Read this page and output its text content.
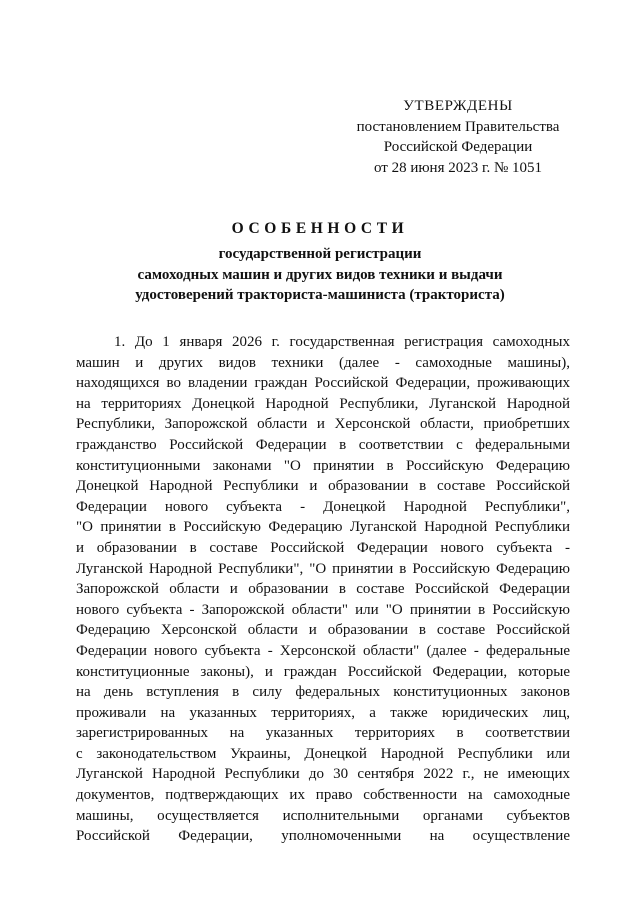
УТВЕРЖДЕНЫ
постановлением Правительства
Российской Федерации
от 28 июня 2023 г. № 1051
ОСОБЕННОСТИ
государственной регистрации
самоходных машин и других видов техники и выдачи
удостоверений тракториста-машиниста (тракториста)
1. До 1 января 2026 г. государственная регистрация самоходных
машин и других видов техники (далее - самоходные машины),
находящихся во владении граждан Российской Федерации, проживающих
на территориях Донецкой Народной Республики, Луганской Народной
Республики, Запорожской области и Херсонской области, приобретших
гражданство Российской Федерации в соответствии с федеральными
конституционными законами "О принятии в Российскую Федерацию
Донецкой Народной Республики и образовании в составе Российской
Федерации нового субъекта - Донецкой Народной Республики",
"О принятии в Российскую Федерацию Луганской Народной Республики
и образовании в составе Российской Федерации нового субъекта -
Луганской Народной Республики", "О принятии в Российскую Федерацию
Запорожской области и образовании в составе Российской Федерации
нового субъекта - Запорожской области" или "О принятии в Российскую
Федерацию Херсонской области и образовании в составе Российской
Федерации нового субъекта - Херсонской области" (далее - федеральные
конституционные законы), и граждан Российской Федерации, которые
на день вступления в силу федеральных конституционных законов
проживали на указанных территориях, а также юридических лиц,
зарегистрированных на указанных территориях в соответствии
с законодательством Украины, Донецкой Народной Республики или
Луганской Народной Республики до 30 сентября 2022 г., не имеющих
документов, подтверждающих их право собственности на самоходные
машины, осуществляется исполнительными органами субъектов
Российской Федерации, уполномоченными на осуществление
